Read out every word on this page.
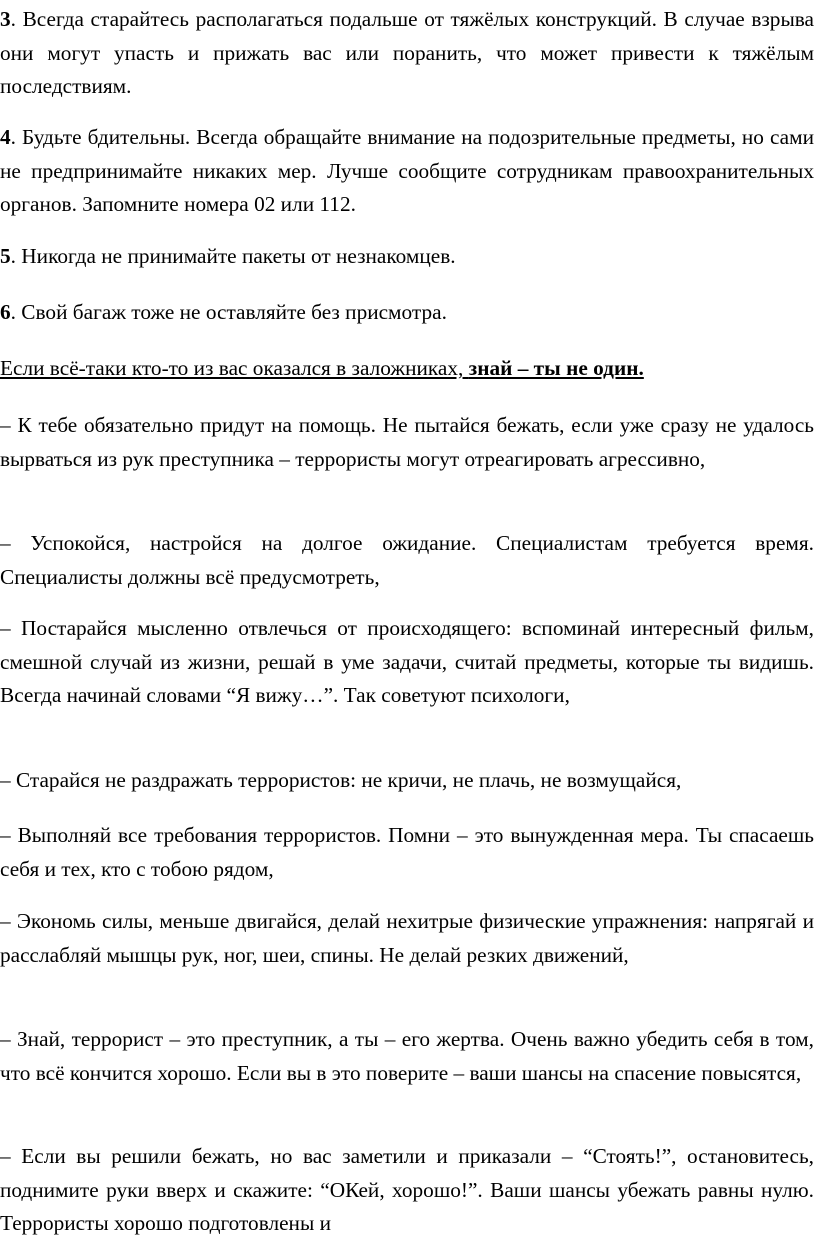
3. Всегда старайтесь располагаться подальше от тяжёлых конструкций. В случае взрыва они могут упасть и прижать вас или поранить, что может привести к тяжёлым последствиям.

4. Будьте бдительны. Всегда обращайте внимание на подозрительные предметы, но сами не предпринимайте никаких мер. Лучше сообщите сотрудникам правоохранительных органов. Запомните номера 02 или 112.

5. Никогда не принимайте пакеты от незнакомцев.

6. Свой багаж тоже не оставляйте без присмотра.

Если всё-таки кто-то из вас оказался в заложниках, знай – ты не один.

– К тебе обязательно придут на помощь. Не пытайся бежать, если уже сразу не удалось вырваться из рук преступника – террористы могут отреагировать агрессивно,

– Успокойся, настройся на долгое ожидание. Специалистам требуется время. Специалисты должны всё предусмотреть,

– Постарайся мысленно отвлечься от происходящего: вспоминай интересный фильм, смешной случай из жизни, решай в уме задачи, считай предметы, которые ты видишь. Всегда начинай словами “Я вижу…”. Так советуют психологи,

– Старайся не раздражать террористов: не кричи, не плачь, не возмущайся,

– Выполняй все требования террористов. Помни – это вынужденная мера. Ты спасаешь себя и тех, кто с тобою рядом,

– Экономь силы, меньше двигайся, делай нехитрые физические упражнения: напрягай и расслабляй мышцы рук, ног, шеи, спины. Не делай резких движений,

– Знай, террорист – это преступник, а ты – его жертва. Очень важно убедить себя в том, что всё кончится хорошо. Если вы в это поверите – ваши шансы на спасение повысятся,

– Если вы решили бежать, но вас заметили и приказали – “Стоять!”, остановитесь, поднимите руки вверх и скажите: “ОКей, хорошо!”. Ваши шансы убежать равны нулю. Террористы хорошо подготовлены и
